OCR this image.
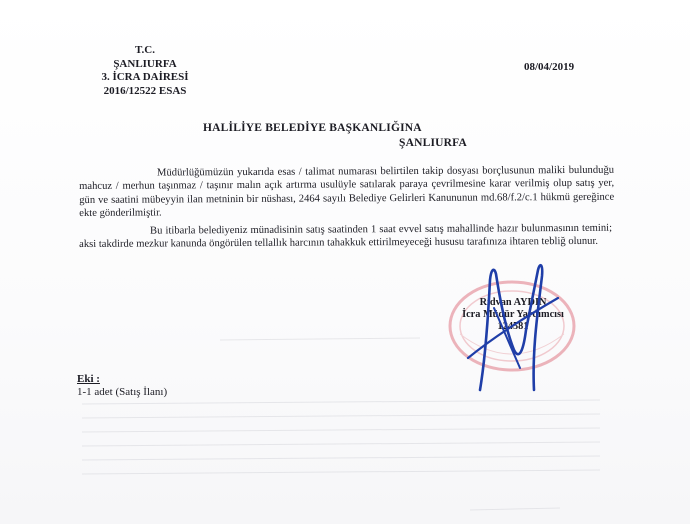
T.C.
ŞANLIURFA
3. İCRA DAİRESİ
2016/12522 ESAS
08/04/2019
HALİLİYE BELEDİYE BAŞKANLIĞINA
ŞANLIURFA
Müdürlüğümüzün yukarıda esas / talimat numarası belirtilen takip dosyası borçlusunun maliki bulunduğu mahcuz / merhun taşınmaz / taşınır malın açık artırma usulüyle satılarak paraya çevrilmesine karar verilmiş olup satış yer, gün ve saatini mübeyyin ilan metninin bir nüshası, 2464 sayılı Belediye Gelirleri Kanununun md.68/f.2/c.1 hükmü gereğince ekte gönderilmiştir.
Bu itibarla belediyeniz münadisinin satış saatinden 1 saat evvel satış mahallinde hazır bulunmasının temini; aksi takdirde mezkur kanunda öngörülen tellallık harcının tahakkuk ettirilmeyeceği hususu tarafınıza ihtaren tebliğ olunur.
Rıdvan AYDIN
İcra Müdür Yardımcısı
124581
Eki :
1-1 adet (Satış İlanı)
